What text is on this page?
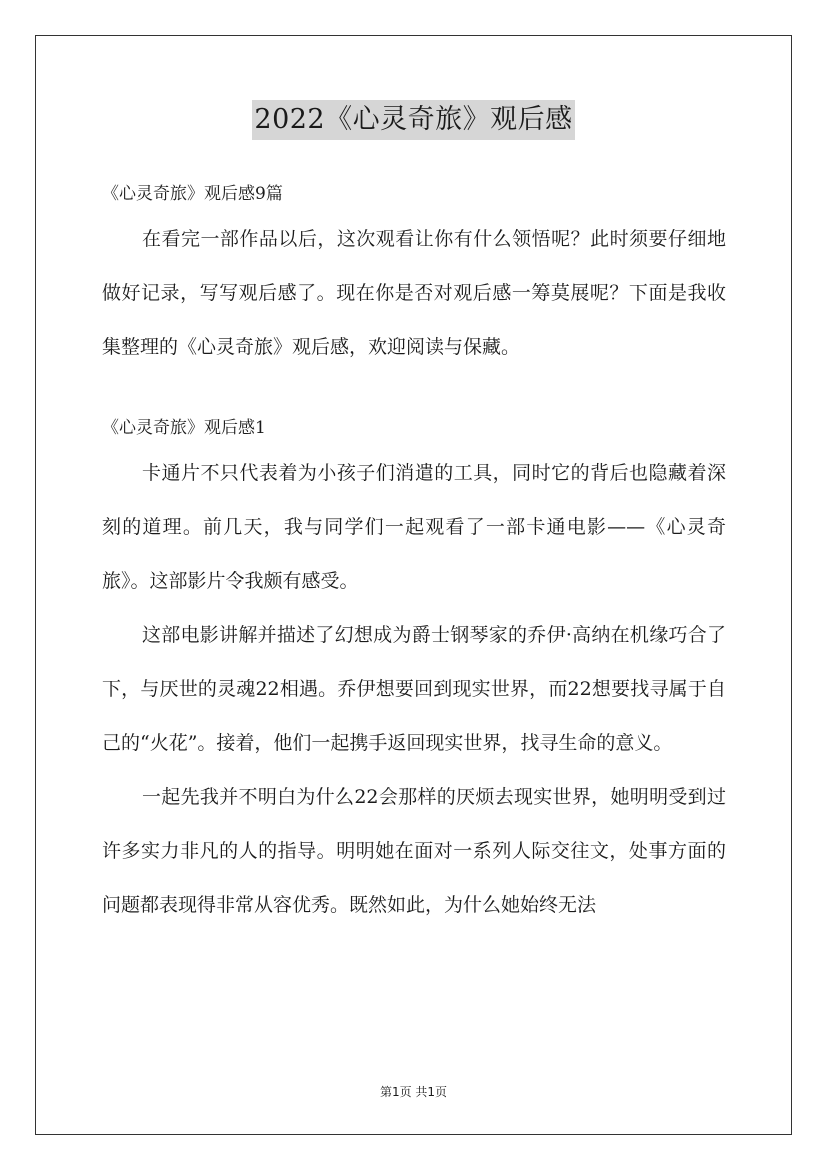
2022《心灵奇旅》观后感

《心灵奇旅》观后感9篇

在看完一部作品以后，这次观看让你有什么领悟呢？此时须要仔细地做好记录，写写观后感了。现在你是否对观后感一筹莫展呢？下面是我收集整理的《心灵奇旅》观后感，欢迎阅读与保藏。

《心灵奇旅》观后感1

卡通片不只代表着为小孩子们消遣的工具，同时它的背后也隐藏着深刻的道理。前几天，我与同学们一起观看了一部卡通电影——《心灵奇旅》。这部影片令我颇有感受。

这部电影讲解并描述了幻想成为爵士钢琴家的乔伊·高纳在机缘巧合了下，与厌世的灵魂22相遇。乔伊想要回到现实世界，而22想要找寻属于自己的“火花”。接着，他们一起携手返回现实世界，找寻生命的意义。

一起先我并不明白为什么22会那样的厌烦去现实世界，她明明受到过许多实力非凡的人的指导。明明她在面对一系列人际交往文，处事方面的问题都表现得非常从容优秀。既然如此，为什么她始终无法

第1页 共1页
